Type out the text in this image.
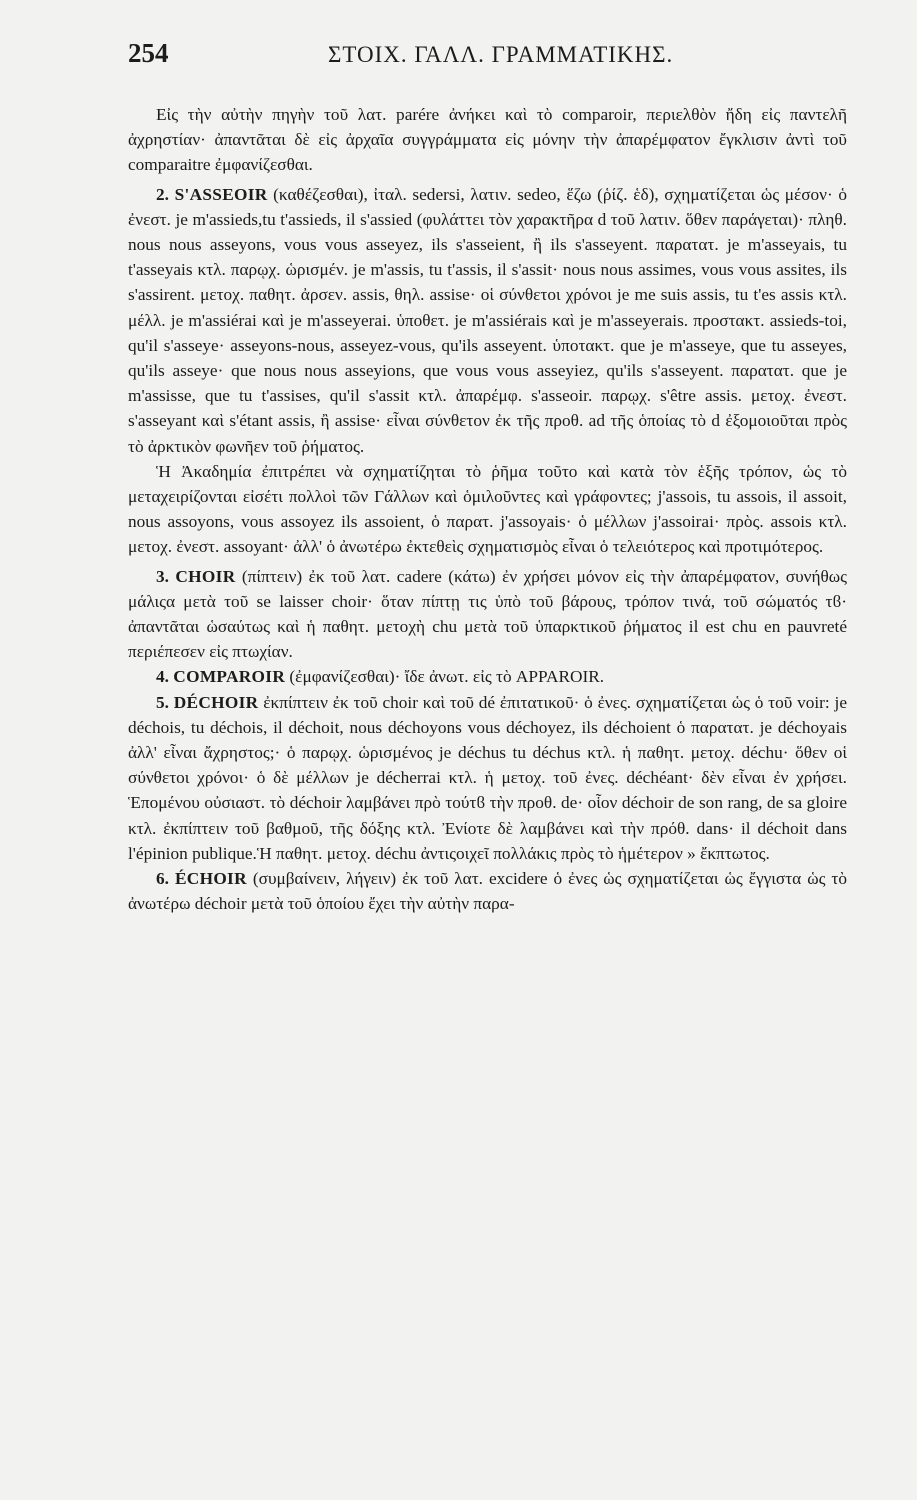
254	ΣΤΟΙΧ. ΓΑΛΛ. ΓΡΑΜΜΑΤΙΚΗΣ.

Εἰς τὴν αὐτὴν πηγὴν τοῦ λατ. parére ἀνήκει καὶ τὸ comparoir, περιελθὸν ἤδη εἰς παντελῆ ἀχρηστίαν· ἀπαντᾶται δὲ εἰς ἀρχαῖα συγγράμματα εἰς μόνην τὴν ἀπαρέμφατον ἔγκλισιν ἀντὶ τοῦ comparaitre ἐμφανίζεσθαι.

2. S'ASSEOIR (καθέζεσθαι), ἰταλ. sedersi, λατιν. sedeo, ἕζω (ῥίζ. ἑδ), σχηματίζεται ὡς μέσον· ὁ ἐνεστ. je m'assieds,tu t'assieds, il s'assied (φυλάττει τὸν χαρακτῆρα d τοῦ λατιν. ὅθεν παράγεται)· πληθ. nous nous asseyons, vous vous asseyez, ils s'asseient, ἢ ils s'asseyent. παρατατ. je m'asseyais, tu t'asseyais κτλ. παρῳχ. ὡρισμέν. je m'assis, tu t'assis, il s'assit· nous nous assimes, vous vous assites, ils s'assirent. μετοχ. παθητ. ἀρσεν. assis, θηλ. assise· οἱ σύνθετοι χρόνοι je me suis assis, tu t'es assis κτλ. μέλλ. je m'assiérai καὶ je m'asseyerai. ὑποθετ. je m'assiérais καὶ je m'asseyerais. προστακτ. assieds-toi, qu'il s'asseye· asseyons-nous, asseyez-vous, qu'ils asseyent. ὑποτακτ. que je m'asseye, que tu asseyes, qu'ils asseye· que nous nous asseyions, que vous vous asseyiez, qu'ils s'asseyent. παρατατ. que je m'assisse, que tu t'assises, qu'il s'assit κτλ. ἀπαρέμφ. s'asseoir. παρῳχ. s'être assis. μετοχ. ἐνεστ. s'asseyant καὶ s'étant assis, ἢ assise· εἶναι σύνθετον ἐκ τῆς προθ. ad τῆς ὁποίας τὸ d ἐξομοιοῦται πρὸς τὸ ἀρκτικὸν φωνῆεν τοῦ ῥήματος.

Ἡ Ἀκαδημία ἐπιτρέπει νὰ σχηματίζηται τὸ ῥῆμα τοῦτο καὶ κατὰ τὸν ἑξῆς τρόπον, ὡς τὸ μεταχειρίζονται εἰσέτι πολλοὶ τῶν Γάλλων καὶ ὁμιλοῦντες καὶ γράφοντες; j'assois, tu assois, il assoit, nous assoyons, vous assoyez ils assoient, ὁ παρατ. j'assoyais· ὁ μέλλων j'assoirai· πρὸς. assois κτλ. μετοχ. ἐνεστ. assoyant· ἀλλ' ὁ ἀνωτέρω ἐκτεθεὶς σχηματισμὸς εἶναι ὁ τελειότερος καὶ προτιμότερος.

3. CHOIR (πίπτειν) ἐκ τοῦ λατ. cadere (κάτω) ἐν χρήσει μόνον εἰς τὴν ἀπαρέμφατον, συνήθως μάλιςα μετὰ τοῦ se laisser choir· ὅταν πίπτῃ τις ὑπὸ τοῦ βάρους, τρόπον τινά, τοῦ σώματός τϐ· ἀπαντᾶται ὡσαύτως καὶ ἡ παθητ. μετοχὴ chu μετὰ τοῦ ὑπαρκτικοῦ ῥήματος il est chu en pauvreté περιέπεσεν εἰς πτωχίαν.

4. COMPAROIR (ἐμφανίζεσθαι)· ἴδε ἀνωτ. εἰς τὸ APPAROIR.

5. DÉCHOIR ἐκπίπτειν ἐκ τοῦ choir καὶ τοῦ dé ἐπιτατικοῦ· ὁ ἐνες. σχηματίζεται ὡς ὁ τοῦ voir: je déchois, tu déchois, il déchoit, nous déchoyons vous déchoyez, ils déchoient ὁ παρατατ. je déchoyais ἀλλ' εἶναι ἄχρηστος;· ὁ παρῳχ. ὡρισμένος je déchus tu déchus κτλ. ἡ παθητ. μετοχ. déchu· ὅθεν οἱ σύνθετοι χρόνοι· ὁ δὲ μέλλων je décherrai κτλ. ἡ μετοχ. τοῦ ἐνες. déchéant· δὲν εἶναι ἐν χρήσει. Ἑπομένου οὐσιαστ. τὸ déchoir λαμβάνει πρὸ τούτϐ τὴν προθ. de· οἷον déchoir de son rang, de sa gloire κτλ. ἐκπίπτειν τοῦ βαθμοῦ, τῆς δόξης κτλ. Ἐνίοτε δὲ λαμβάνει καὶ τὴν πρόθ. dans· il déchoit dans l'épinion publique.Ἡ παθητ. μετοχ. déchu ἀντιςοιχεῖ πολλάκις πρὸς τὸ ἡμέτερον » ἔκπτωτος.

6. ÉCHOIR (συμβαίνειν, λήγειν) ἐκ τοῦ λατ. excidere ὁ ἐνες ὡς σχηματίζεται ὡς ἔγγιστα ὡς τὸ ἀνωτέρω déchoir μετὰ τοῦ ὁποίου ἔχει τὴν αὐτὴν παρα-
